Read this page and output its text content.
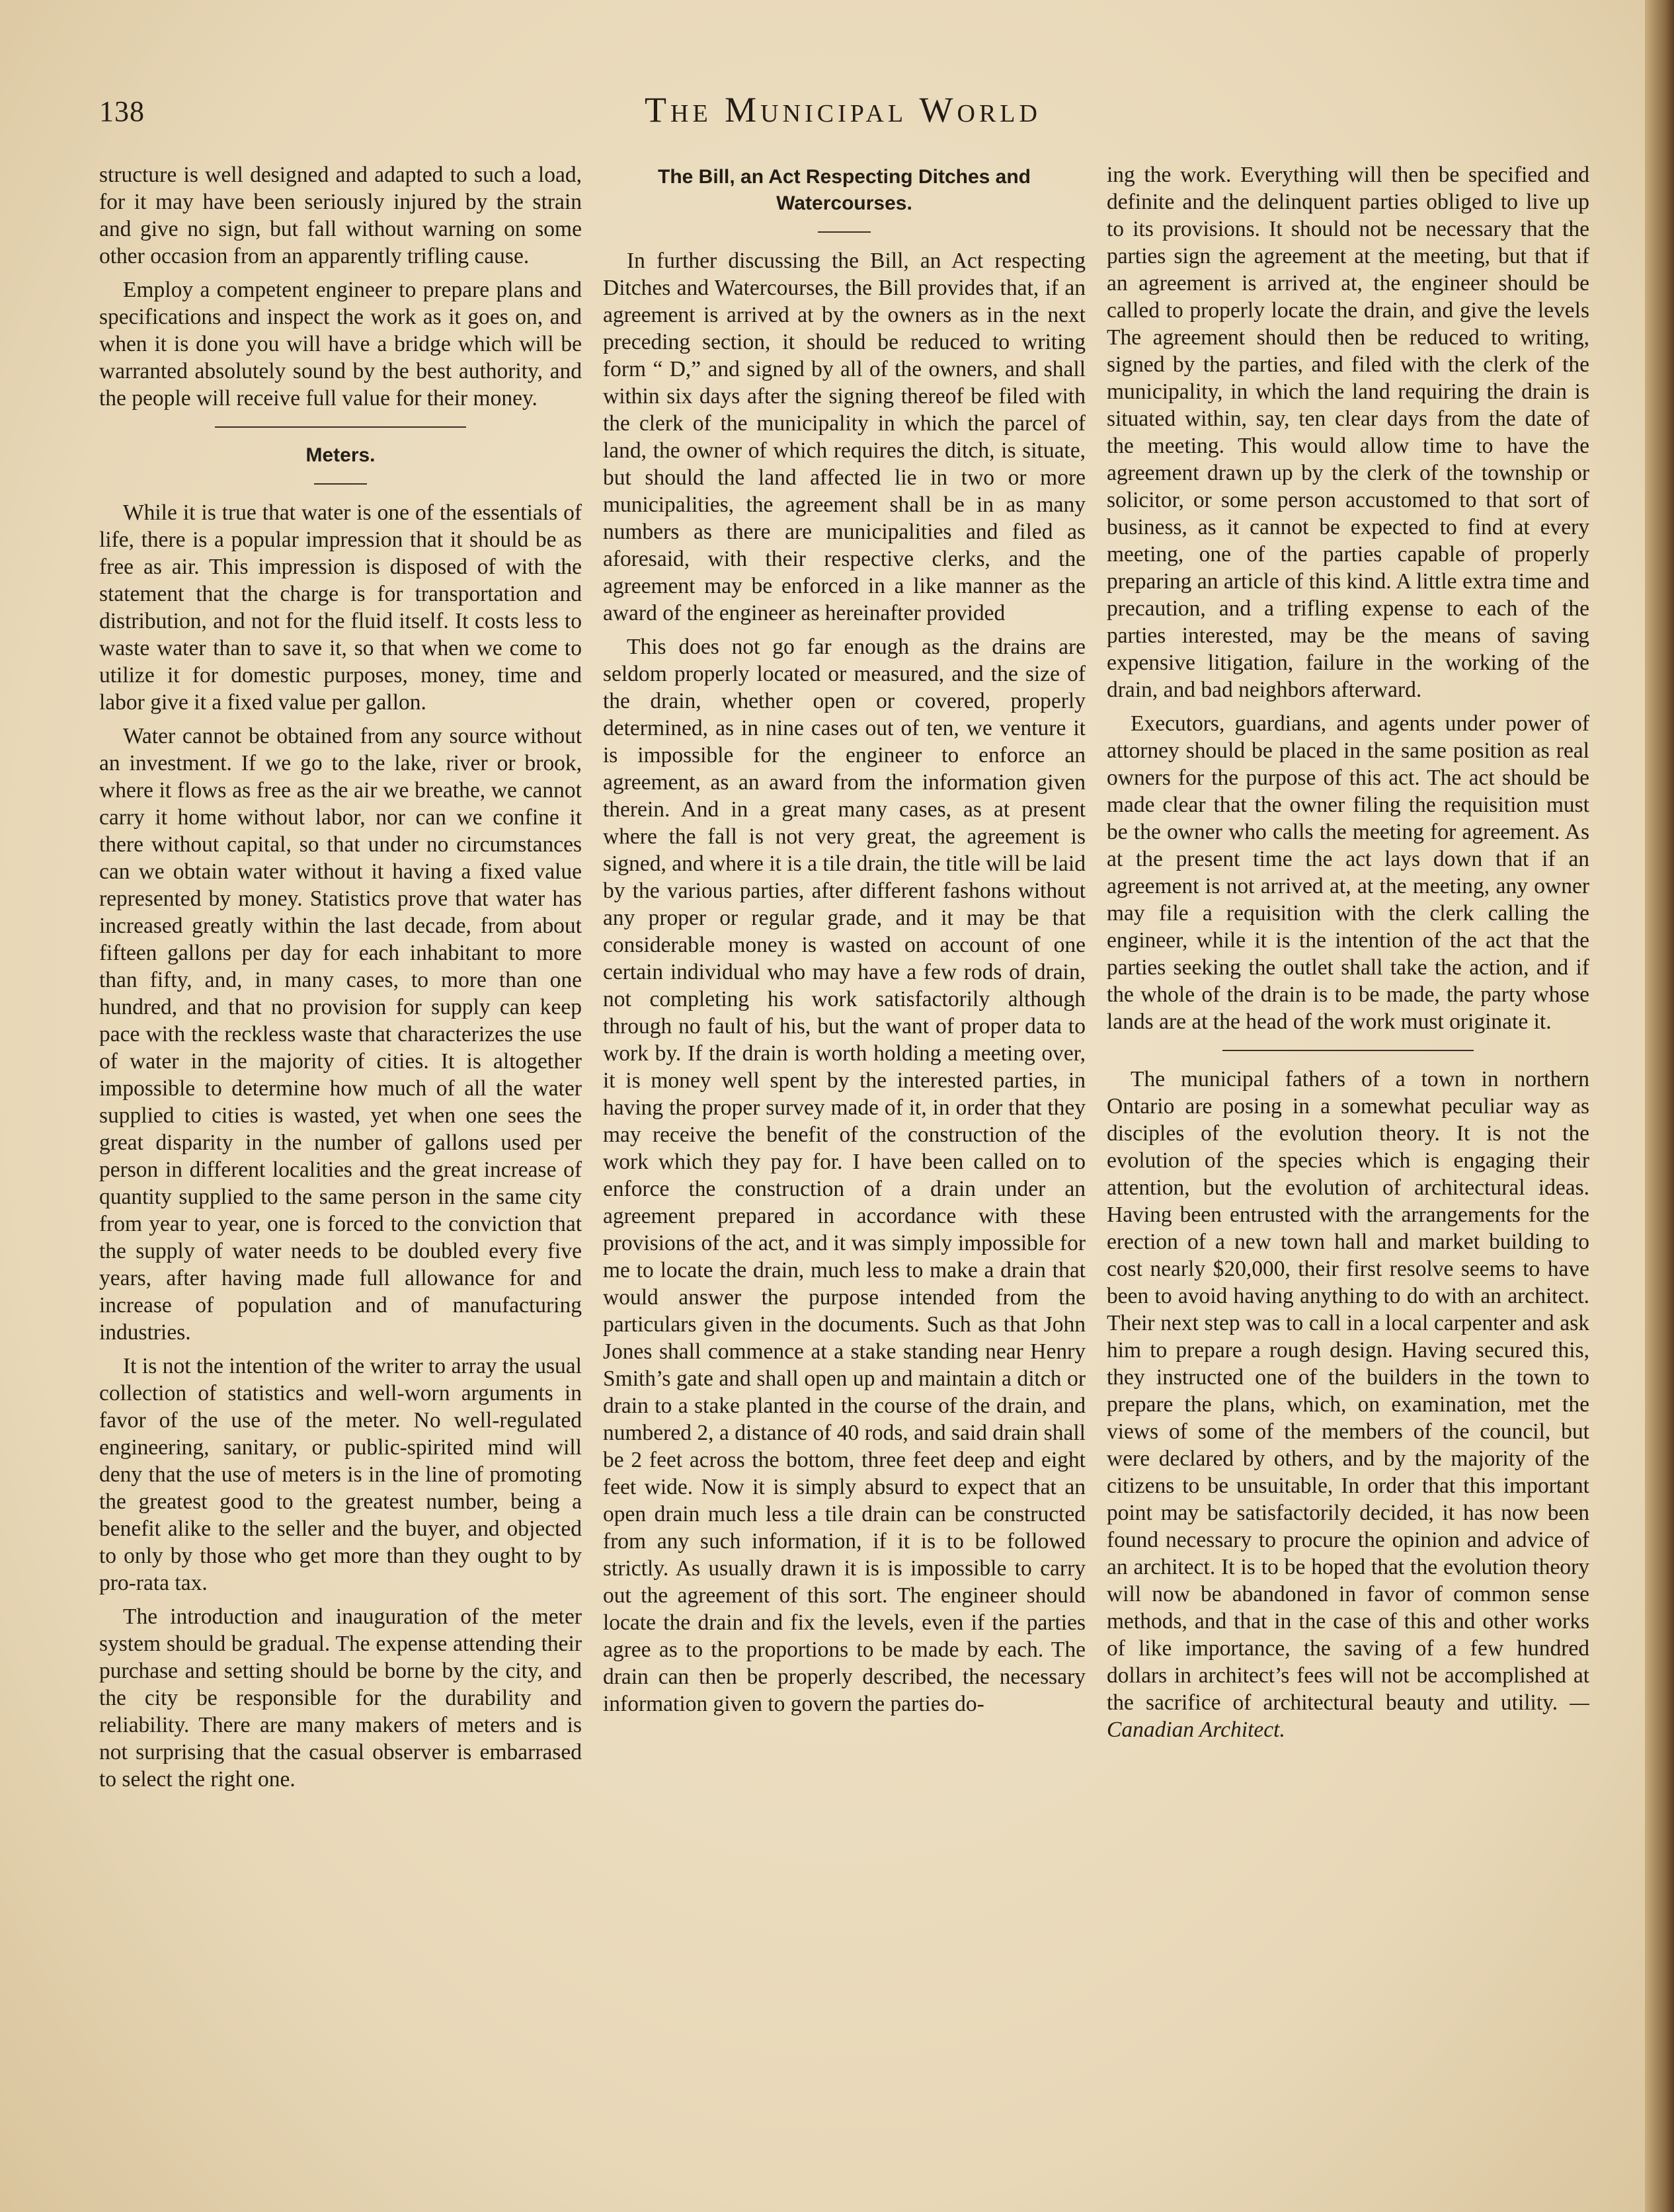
138	The Municipal World

structure is well designed and adapted to such a load, for it may have been seriously injured by the strain and give no sign, but fall without warning on some other occasion from an apparently trifling cause.

Employ a competent engineer to prepare plans and specifications and inspect the work as it goes on, and when it is done you will have a bridge which will be warranted absolutely sound by the best authority, and the people will receive full value for their money.

Meters.

While it is true that water is one of the essentials of life, there is a popular impression that it should be as free as air. This impression is disposed of with the statement that the charge is for transportation and distribution, and not for the fluid itself. It costs less to waste water than to save it, so that when we come to utilize it for domestic purposes, money, time and labor give it a fixed value per gallon.

Water cannot be obtained from any source without an investment. If we go to the lake, river or brook, where it flows as free as the air we breathe, we cannot carry it home without labor, nor can we confine it there without capital, so that under no circumstances can we obtain water without it having a fixed value represented by money. Statistics prove that water has increased greatly within the last decade, from about fifteen gallons per day for each inhabitant to more than fifty, and, in many cases, to more than one hundred, and that no provision for supply can keep pace with the reckless waste that characterizes the use of water in the majority of cities. It is altogether impossible to determine how much of all the water supplied to cities is wasted, yet when one sees the great disparity in the number of gallons used per person in different localities and the great increase of quantity supplied to the same person in the same city from year to year, one is forced to the conviction that the supply of water needs to be doubled every five years, after having made full allowance for and increase of population and of manufacturing industries.

It is not the intention of the writer to array the usual collection of statistics and well-worn arguments in favor of the use of the meter. No well-regulated engineering, sanitary, or public-spirited mind will deny that the use of meters is in the line of promoting the greatest good to the greatest number, being a benefit alike to the seller and the buyer, and objected to only by those who get more than they ought to by pro-rata tax.

The introduction and inauguration of the meter system should be gradual. The expense attending their purchase and setting should be borne by the city, and the city be responsible for the durability and reliability. There are many makers of meters and is not surprising that the casual observer is embarrased to select the right one.

The Bill, an Act Respecting Ditches and Watercourses.

In further discussing the Bill, an Act respecting Ditches and Watercourses, the Bill provides that, if an agreement is arrived at by the owners as in the next preceding section, it should be reduced to writing form “ D,” and signed by all of the owners, and shall within six days after the signing thereof be filed with the clerk of the municipality in which the parcel of land, the owner of which requires the ditch, is situate, but should the land affected lie in two or more municipalities, the agreement shall be in as many numbers as there are municipalities and filed as aforesaid, with their respective clerks, and the agreement may be enforced in a like manner as the award of the engineer as hereinafter provided

This does not go far enough as the drains are seldom properly located or measured, and the size of the drain, whether open or covered, properly determined, as in nine cases out of ten, we venture it is impossible for the engineer to enforce an agreement, as an award from the information given therein. And in a great many cases, as at present where the fall is not very great, the agreement is signed, and where it is a tile drain, the title will be laid by the various parties, after different fashons without any proper or regular grade, and it may be that considerable money is wasted on account of one certain individual who may have a few rods of drain, not completing his work satisfactorily although through no fault of his, but the want of proper data to work by. If the drain is worth holding a meeting over, it is money well spent by the interested parties, in having the proper survey made of it, in order that they may receive the benefit of the construction of the work which they pay for. I have been called on to enforce the construction of a drain under an agreement prepared in accordance with these provisions of the act, and it was simply impossible for me to locate the drain, much less to make a drain that would answer the purpose intended from the particulars given in the documents. Such as that John Jones shall commence at a stake standing near Henry Smith’s gate and shall open up and maintain a ditch or drain to a stake planted in the course of the drain, and numbered 2, a distance of 40 rods, and said drain shall be 2 feet across the bottom, three feet deep and eight feet wide. Now it is simply absurd to expect that an open drain much less a tile drain can be constructed from any such information, if it is to be followed strictly. As usually drawn it is is impossible to carry out the agreement of this sort. The engineer should locate the drain and fix the levels, even if the parties agree as to the proportions to be made by each. The drain can then be properly described, the necessary information given to govern the parties do-

ing the work. Everything will then be specified and definite and the delinquent parties obliged to live up to its provisions. It should not be necessary that the parties sign the agreement at the meeting, but that if an agreement is arrived at, the engineer should be called to properly locate the drain, and give the levels The agreement should then be reduced to writing, signed by the parties, and filed with the clerk of the municipality, in which the land requiring the drain is situated within, say, ten clear days from the date of the meeting. This would allow time to have the agreement drawn up by the clerk of the township or solicitor, or some person accustomed to that sort of business, as it cannot be expected to find at every meeting, one of the parties capable of properly preparing an article of this kind. A little extra time and precaution, and a trifling expense to each of the parties interested, may be the means of saving expensive litigation, failure in the working of the drain, and bad neighbors afterward.

Executors, guardians, and agents under power of attorney should be placed in the same position as real owners for the purpose of this act. The act should be made clear that the owner filing the requisition must be the owner who calls the meeting for agreement. As at the present time the act lays down that if an agreement is not arrived at, at the meeting, any owner may file a requisition with the clerk calling the engineer, while it is the intention of the act that the parties seeking the outlet shall take the action, and if the whole of the drain is to be made, the party whose lands are at the head of the work must originate it.

The municipal fathers of a town in northern Ontario are posing in a somewhat peculiar way as disciples of the evolution theory. It is not the evolution of the species which is engaging their attention, but the evolution of architectural ideas. Having been entrusted with the arrangements for the erection of a new town hall and market building to cost nearly $20,000, their first resolve seems to have been to avoid having anything to do with an architect. Their next step was to call in a local carpenter and ask him to prepare a rough design. Having secured this, they instructed one of the builders in the town to prepare the plans, which, on examination, met the views of some of the members of the council, but were declared by others, and by the majority of the citizens to be unsuitable, In order that this important point may be satisfactorily decided, it has now been found necessary to procure the opinion and advice of an architect. It is to be hoped that the evolution theory will now be abandoned in favor of common sense methods, and that in the case of this and other works of like importance, the saving of a few hundred dollars in architect’s fees will not be accomplished at the sacrifice of architectural beauty and utility. —Canadian Architect.
